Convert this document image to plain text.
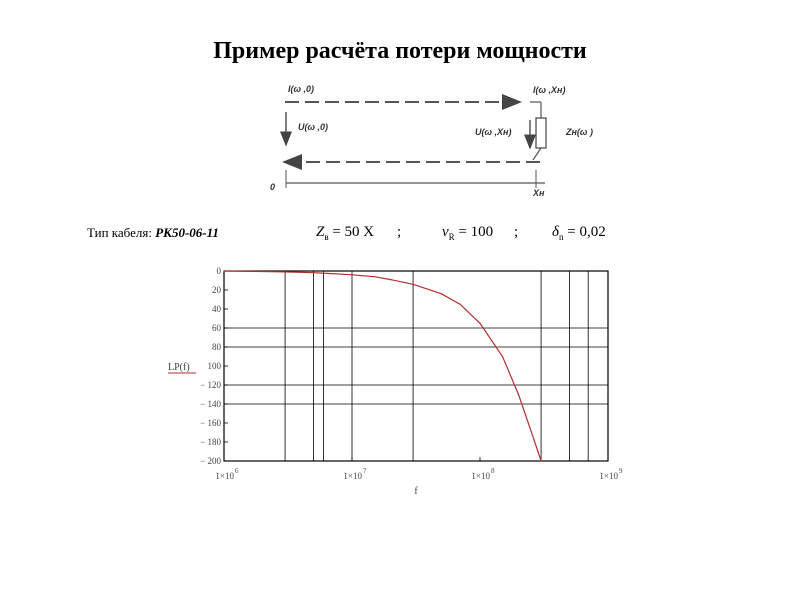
Пример расчёта потери мощности
I(ω ,0)	I(ω ,Xн)
U(ω ,0)	U(ω ,Xн)	Zн(ω )
0
Xн
Тип кабеля: РК50-06-11	$Z_в = 50$ X ;	$\nu_R = 100$ ; $\delta_n = 0,02$
0
20
40
60
80
100
− 120
− 140
− 160
− 180
− 200
1×10 6	1×10 7	1×10 8	1×10 9
LP(f)
f
